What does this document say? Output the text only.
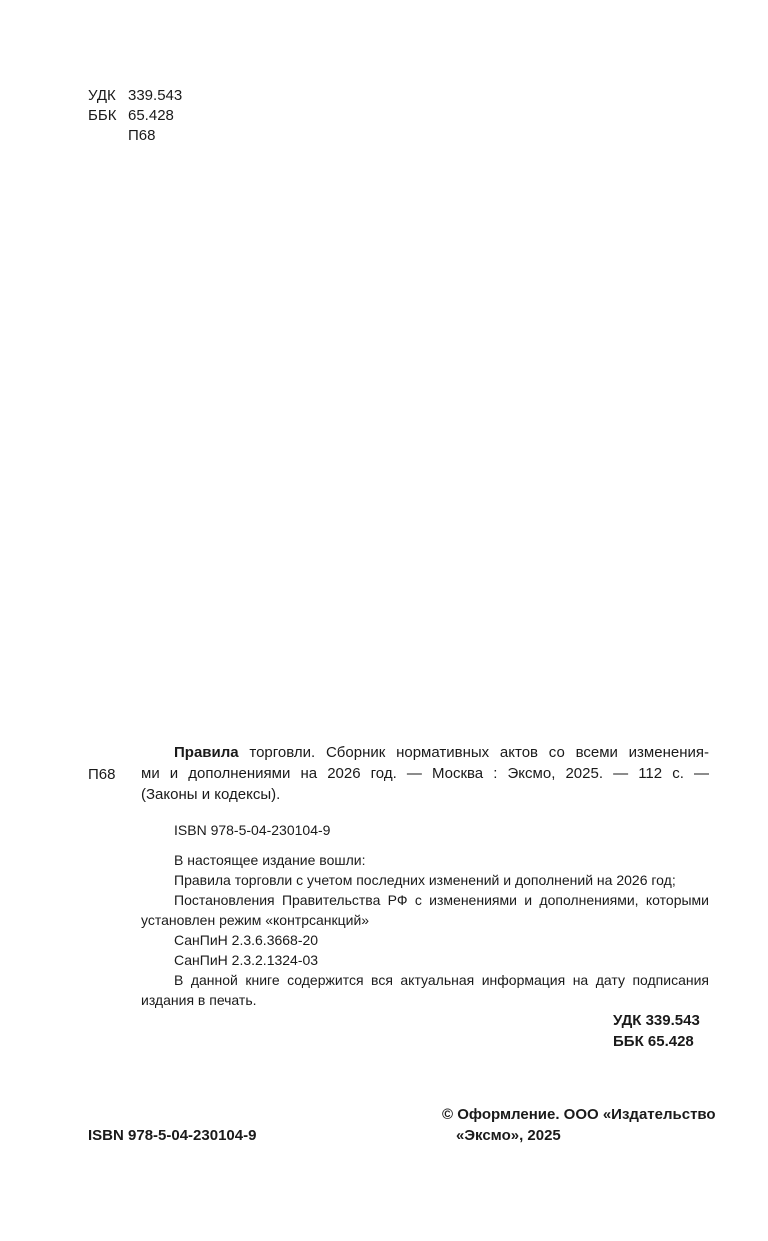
УДК 339.543
ББК 65.428
П68
П68
Правила торговли. Сборник нормативных актов со всеми изменения-
ми и дополнениями на 2026 год. — Москва : Эксмо, 2025. — 112 с. —
(Законы и кодексы).
ISBN 978-5-04-230104-9
В настоящее издание вошли:
Правила торговли с учетом последних изменений и дополнений на 2026 год;
Постановления Правительства РФ с изменениями и дополнениями, которыми
установлен режим «контрсанкций»
СанПиН 2.3.6.3668-20
СанПиН 2.3.2.1324-03
В данной книге содержится вся актуальная информация на дату подписания
издания в печать.
УДК 339.543
ББК 65.428
© Оформление. ООО «Издательство
«Эксмо», 2025
ISBN 978-5-04-230104-9
